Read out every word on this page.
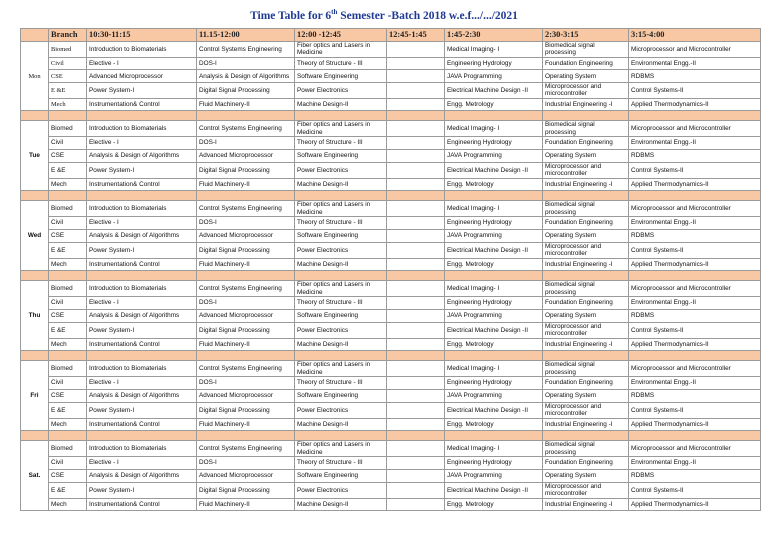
Time Table for 6th Semester -Batch 2018 w.e.f.../.../2021
	Branch	10:30-11:15	11.15-12:00	12:00 -12:45	12:45-1:45	1:45-2:30	2:30-3:15	3:15-4:00
Mon	Biomed	Introduction to Biomaterials	Control Systems Engineering	Fiber optics and Lasers in Medicine		Medical Imaging- I	Biomedical signal processing	Microprocessor and Microcontroller
	Civil	Elective - I	DOS-I	Theory of Structure - III		Engineering Hydrology	Foundation Engineering	Environmental Engg.-II
	CSE	Advanced Microprocessor	Analysis & Design of Algorithms	Software Engineering		JAVA Programming	Operating System	RDBMS
	E &E	Power System-I	Digital Signal Processing	Power Electronics		Electrical Machine Design -II	Microprocessor and microcontroller	Control Systems-II
	Mech	Instrumentation& Control	Fluid Machinery-II	Machine Design-II		Engg. Metrology	Industrial Engineering -I	Applied Thermodynamics-II

Tue	Biomed	Introduction to Biomaterials	Control Systems Engineering	Fiber optics and Lasers in Medicine		Medical Imaging- I	Biomedical signal processing	Microprocessor and Microcontroller
	Civil	Elective - I	DOS-I	Theory of Structure - III		Engineering Hydrology	Foundation Engineering	Environmental Engg.-II
	CSE	Analysis & Design of Algorithms	Advanced Microprocessor	Software Engineering		JAVA Programming	Operating System	RDBMS
	E &E	Power System-I	Digital Signal Processing	Power Electronics		Electrical Machine Design -II	Microprocessor and microcontroller	Control Systems-II
	Mech	Instrumentation& Control	Fluid Machinery-II	Machine Design-II		Engg. Metrology	Industrial Engineering -I	Applied Thermodynamics-II

Wed	Biomed	Introduction to Biomaterials	Control Systems Engineering	Fiber optics and Lasers in Medicine		Medical Imaging- I	Biomedical signal processing	Microprocessor and Microcontroller
	Civil	Elective - I	DOS-I	Theory of Structure - III		Engineering Hydrology	Foundation Engineering	Environmental Engg.-II
	CSE	Analysis & Design of Algorithms	Advanced Microprocessor	Software Engineering		JAVA Programming	Operating System	RDBMS
	E &E	Power System-I	Digital Signal Processing	Power Electronics		Electrical Machine Design -II	Microprocessor and microcontroller	Control Systems-II
	Mech	Instrumentation& Control	Fluid Machinery-II	Machine Design-II		Engg. Metrology	Industrial Engineering -I	Applied Thermodynamics-II

Thu	Biomed	Introduction to Biomaterials	Control Systems Engineering	Fiber optics and Lasers in Medicine		Medical Imaging- I	Biomedical signal processing	Microprocessor and Microcontroller
	Civil	Elective - I	DOS-I	Theory of Structure - III		Engineering Hydrology	Foundation Engineering	Environmental Engg.-II
	CSE	Analysis & Design of Algorithms	Advanced Microprocessor	Software Engineering		JAVA Programming	Operating System	RDBMS
	E &E	Power System-I	Digital Signal Processing	Power Electronics		Electrical Machine Design -II	Microprocessor and microcontroller	Control Systems-II
	Mech	Instrumentation& Control	Fluid Machinery-II	Machine Design-II		Engg. Metrology	Industrial Engineering -I	Applied Thermodynamics-II

Fri	Biomed	Introduction to Biomaterials	Control Systems Engineering	Fiber optics and Lasers in Medicine		Medical Imaging- I	Biomedical signal processing	Microprocessor and Microcontroller
	Civil	Elective - I	DOS-I	Theory of Structure - III		Engineering Hydrology	Foundation Engineering	Environmental Engg.-II
	CSE	Analysis & Design of Algorithms	Advanced Microprocessor	Software Engineering		JAVA Programming	Operating System	RDBMS
	E &E	Power System-I	Digital Signal Processing	Power Electronics		Electrical Machine Design -II	Microprocessor and microcontroller	Control Systems-II
	Mech	Instrumentation& Control	Fluid Machinery-II	Machine Design-II		Engg. Metrology	Industrial Engineering -I	Applied Thermodynamics-II

Sat.	Biomed	Introduction to Biomaterials	Control Systems Engineering	Fiber optics and Lasers in Medicine		Medical Imaging- I	Biomedical signal processing	Microprocessor and Microcontroller
	Civil	Elective - I	DOS-I	Theory of Structure - III		Engineering Hydrology	Foundation Engineering	Environmental Engg.-II
	CSE	Analysis & Design of Algorithms	Advanced Microprocessor	Software Engineering		JAVA Programming	Operating System	RDBMS
	E &E	Power System-I	Digital Signal Processing	Power Electronics		Electrical Machine Design -II	Microprocessor and microcontroller	Control Systems-II
	Mech	Instrumentation& Control	Fluid Machinery-II	Machine Design-II		Engg. Metrology	Industrial Engineering -I	Applied Thermodynamics-II
